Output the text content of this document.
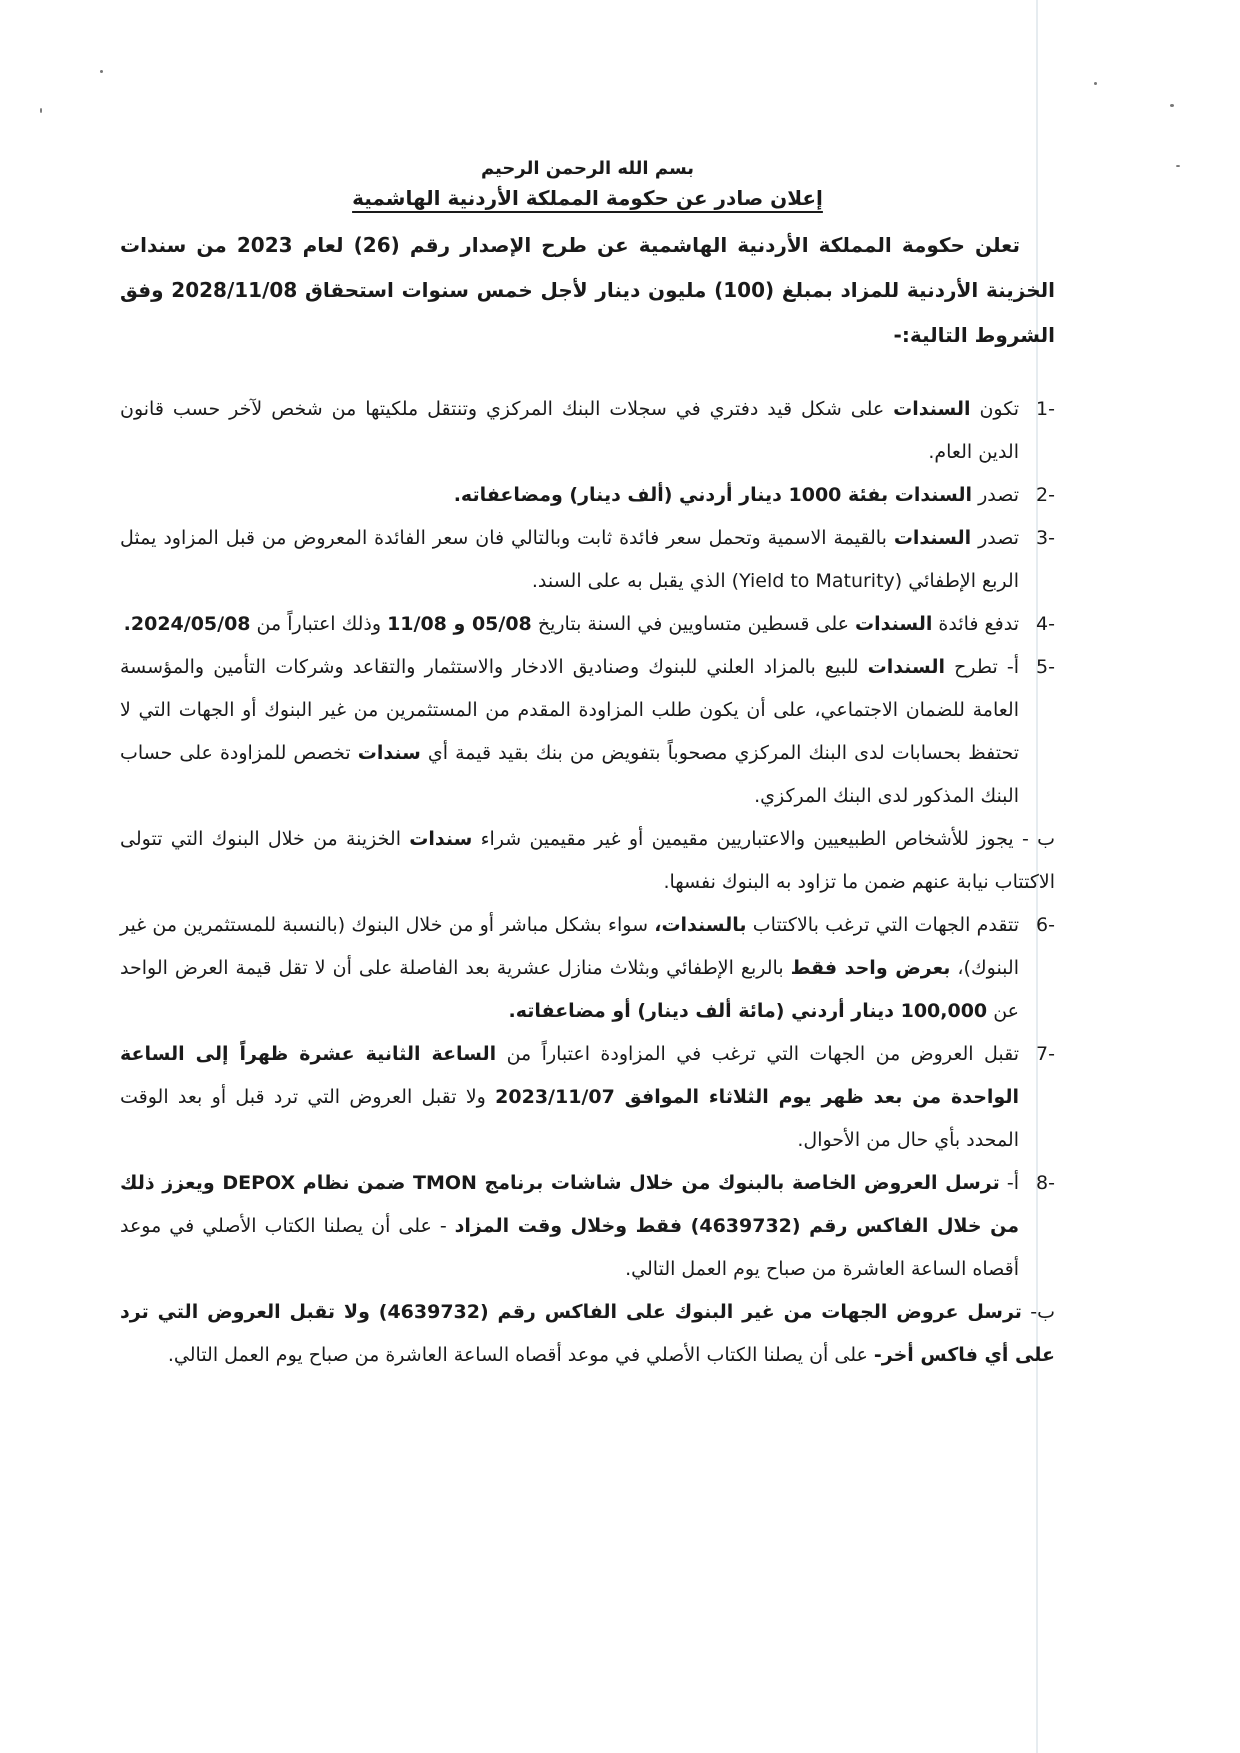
بسم الله الرحمن الرحيم
إعلان صادر عن حكومة المملكة الأردنية الهاشمية
تعلن حكومة المملكة الأردنية الهاشمية عن طرح الإصدار رقم (26) لعام 2023 من سندات الخزينة الأردنية للمزاد بمبلغ (100) مليون دينار لأجل خمس سنوات استحقاق 2028/11/08 وفق الشروط التالية:-
-1
تكون السندات على شكل قيد دفتري في سجلات البنك المركزي وتنتقل ملكيتها من شخص لآخر حسب قانون الدين العام.
-2
تصدر السندات بفئة 1000 دينار أردني (ألف دينار) ومضاعفاته.
-3
تصدر السندات بالقيمة الاسمية وتحمل سعر فائدة ثابت وبالتالي فان سعر الفائدة المعروض من قبل المزاود يمثل الربع الإطفائي (Yield to Maturity) الذي يقبل به على السند.
-4
تدفع فائدة السندات على قسطين متساويين في السنة بتاريخ 05/08 و 11/08 وذلك اعتباراً من 2024/05/08.
-5
أ- تطرح السندات للبيع بالمزاد العلني للبنوك وصناديق الادخار والاستثمار والتقاعد وشركات التأمين والمؤسسة العامة للضمان الاجتماعي، على أن يكون طلب المزاودة المقدم من المستثمرين من غير البنوك أو الجهات التي لا تحتفظ بحسابات لدى البنك المركزي مصحوباً بتفويض من بنك بقيد قيمة أي سندات تخصص للمزاودة على حساب البنك المذكور لدى البنك المركزي.
ب - يجوز للأشخاص الطبيعيين والاعتباريين مقيمين أو غير مقيمين شراء سندات الخزينة من خلال البنوك التي تتولى الاكتتاب نيابة عنهم ضمن ما تزاود به البنوك نفسها.
-6
تتقدم الجهات التي ترغب بالاكتتاب بالسندات، سواء بشكل مباشر أو من خلال البنوك (بالنسبة للمستثمرين من غير البنوك)، بعرض واحد فقط بالربع الإطفائي وبثلاث منازل عشرية بعد الفاصلة على أن لا تقل قيمة العرض الواحد عن 100,000 دينار أردني (مائة ألف دينار) أو مضاعفاته.
-7
تقبل العروض من الجهات التي ترغب في المزاودة اعتباراً من الساعة الثانية عشرة ظهراً إلى الساعة الواحدة من بعد ظهر يوم الثلاثاء الموافق 2023/11/07 ولا تقبل العروض التي ترد قبل أو بعد الوقت المحدد بأي حال من الأحوال.
-8
أ- ترسل العروض الخاصة بالبنوك من خلال شاشات برنامج TMON ضمن نظام DEPOX ويعزز ذلك من خلال الفاكس رقم (4639732) فقط وخلال وقت المزاد - على أن يصلنا الكتاب الأصلي في موعد أقصاه الساعة العاشرة من صباح يوم العمل التالي.
ب- ترسل عروض الجهات من غير البنوك على الفاكس رقم (4639732) ولا تقبل العروض التي ترد على أي فاكس أخر- على أن يصلنا الكتاب الأصلي في موعد أقصاه الساعة العاشرة من صباح يوم العمل التالي.
